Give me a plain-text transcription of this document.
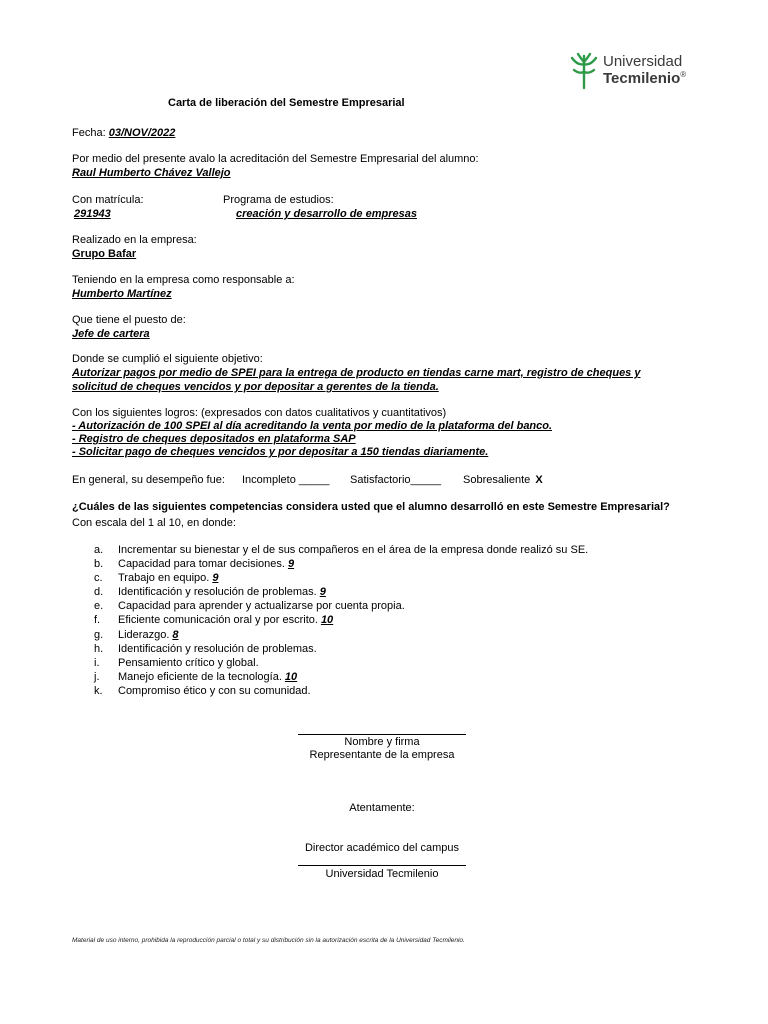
Universidad
Tecmilenio®
Carta de liberación del Semestre Empresarial
Fecha: 03/NOV/2022
Por medio del presente avalo la acreditación del Semestre Empresarial del alumno:
Raul Humberto Chávez Vallejo
Con matrícula:
291943
Programa de estudios:
creación y desarrollo de empresas
Realizado en la empresa:
Grupo Bafar
Teniendo en la empresa como responsable a:
Humberto Martínez
Que tiene el puesto de:
Jefe de cartera
Donde se cumplió el siguiente objetivo:
Autorizar pagos por medio de SPEI para la entrega de producto en tiendas carne mart, registro de cheques y
solicitud de cheques vencidos y por depositar a gerentes de la tienda.
Con los siguientes logros: (expresados con datos cualitativos y cuantitativos)
- Autorización de 100 SPEI al día acreditando la venta por medio de la plataforma del banco.
- Registro de cheques depositados en plataforma SAP
- Solicitar pago de cheques vencidos y por depositar a 150 tiendas diariamente.
En general, su desempeño fue: Incompleto _____ Satisfactorio_____ Sobresaliente X
¿Cuáles de las siguientes competencias considera usted que el alumno desarrolló en este Semestre Empresarial?
Con escala del 1 al 10, en donde:
a.	Incrementar su bienestar y el de sus compañeros en el área de la empresa donde realizó su SE.
b.	Capacidad para tomar decisiones. 9
c.	Trabajo en equipo. 9
d.	Identificación y resolución de problemas. 9
e.	Capacidad para aprender y actualizarse por cuenta propia.
f.	Eficiente comunicación oral y por escrito. 10
g.	Liderazgo. 8
h.	Identificación y resolución de problemas.
i.	Pensamiento crítico y global.
j.	Manejo eficiente de la tecnología. 10
k.	Compromiso ético y con su comunidad.
Nombre y firma
Representante de la empresa
Atentamente:
Director académico del campus
Universidad Tecmilenio
Material de uso interno, prohibida la reproducción parcial o total y su distribución sin la autorización escrita de la Universidad Tecmilenio.
